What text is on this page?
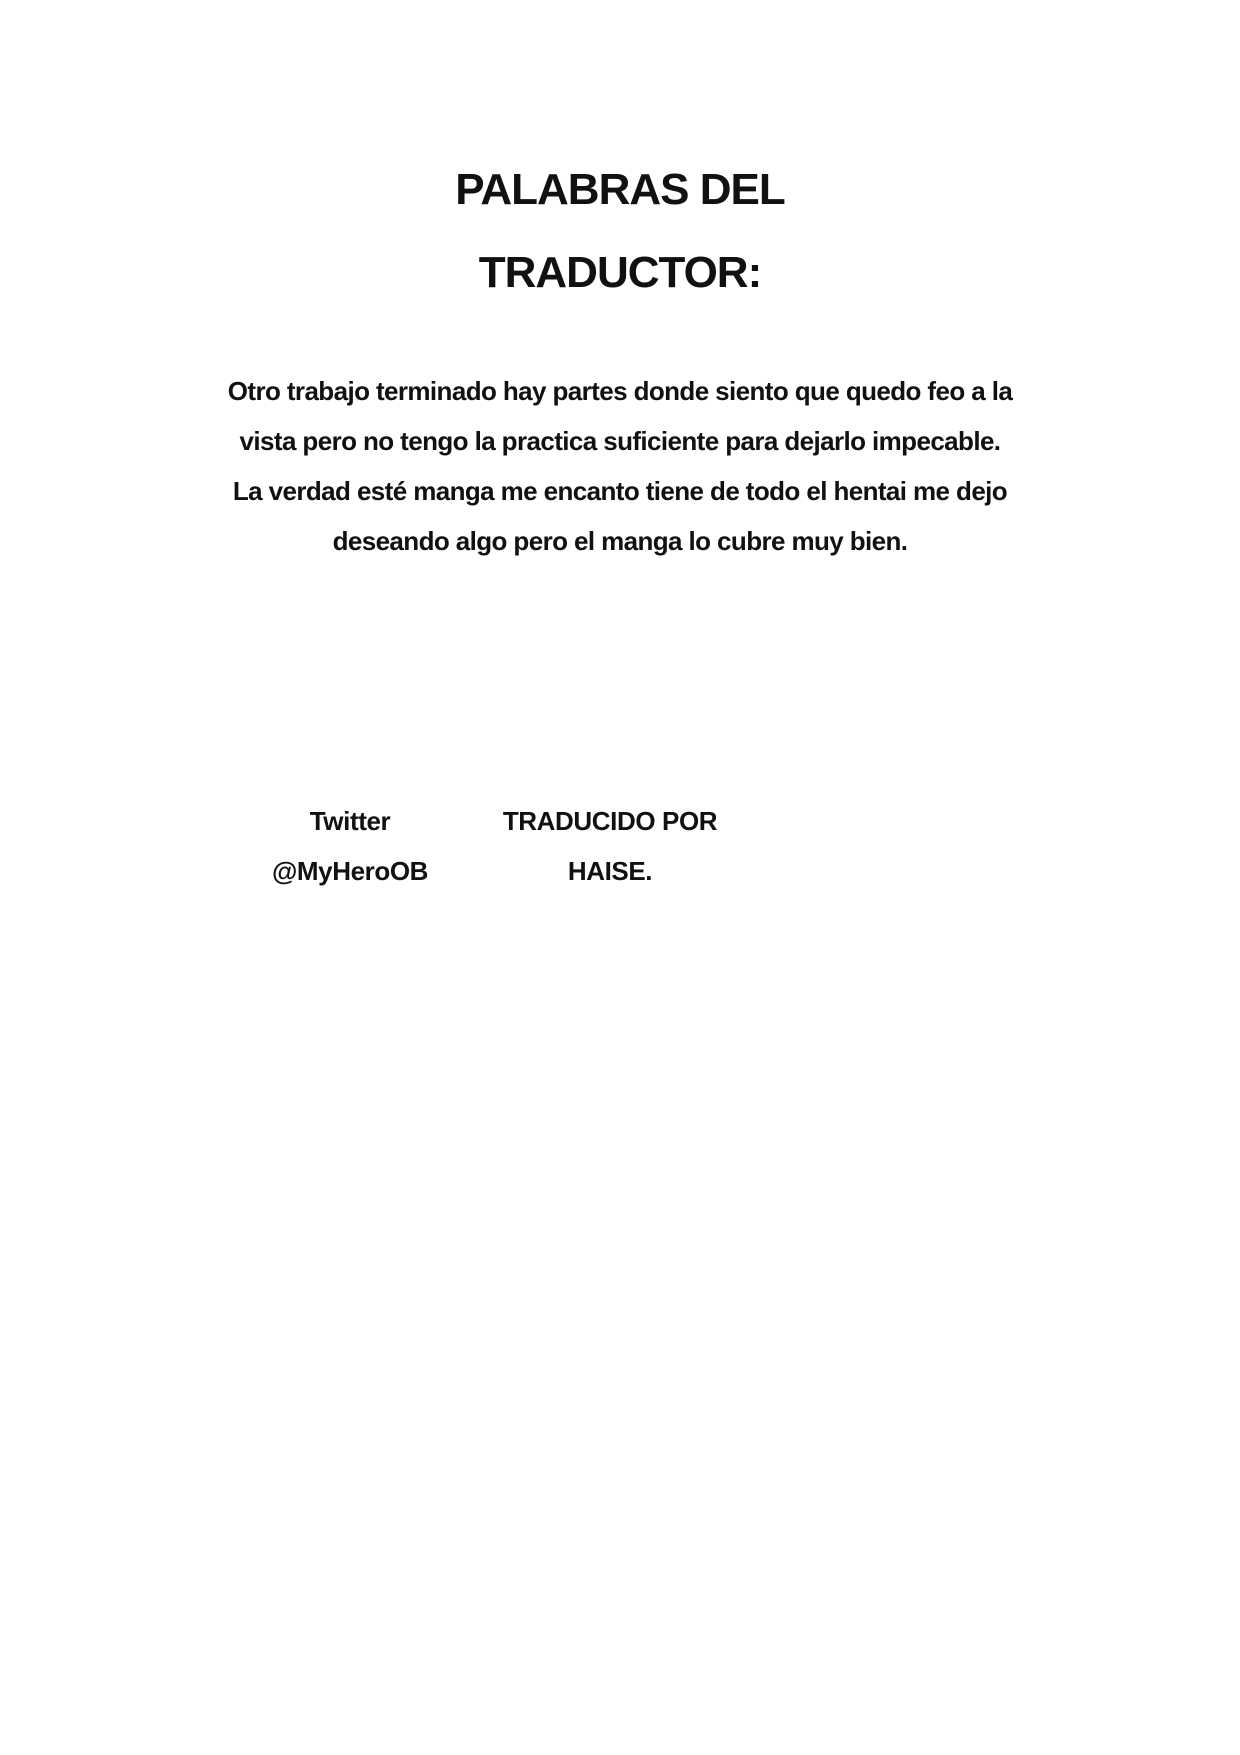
PALABRAS DEL
TRADUCTOR:

Otro trabajo terminado hay partes donde siento que quedo feo a la vista pero no tengo la practica suficiente para dejarlo impecable.

La verdad esté manga me encanto tiene de todo el hentai me dejo deseando algo pero el manga lo cubre muy bien.

Twitter
@MyHeroOB
TRADUCIDO POR
HAISE.
